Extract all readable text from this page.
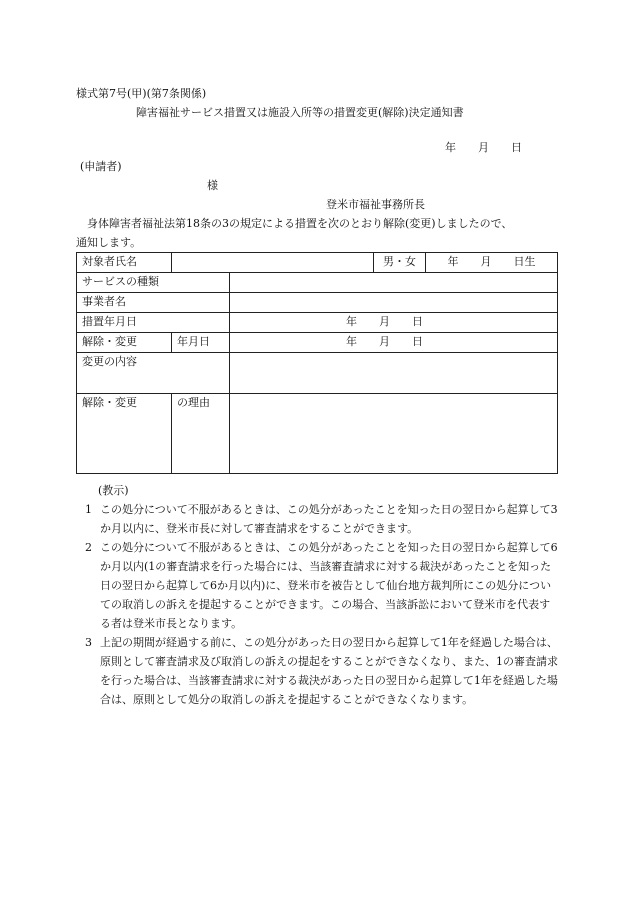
様式第7号(甲)(第7条関係)
障害福祉サービス措置又は施設入所等の措置変更(解除)決定通知書
年　　月　　日
(申請者)
様
登米市福祉事務所長
身体障害者福祉法第18条の3の規定による措置を次のとおり解除(変更)しましたので、
通知します。
対象者氏名			男・女	年　　月　　日生
サービスの種類				
事業者名				
措置年月日		年　　月　　日		
解除・変更	年月日	年　　月　　日		
変更の内容				
解除・変更	の理由			
(教示)
1 この処分について不服があるときは、この処分があったことを知った日の翌日から起算して3か月以内に、登米市長に対して審査請求をすることができます。
2 この処分について不服があるときは、この処分があったことを知った日の翌日から起算して6か月以内(1の審査請求を行った場合には、当該審査請求に対する裁決があったことを知った日の翌日から起算して6か月以内)に、登米市を被告として仙台地方裁判所にこの処分についての取消しの訴えを提起することができます。この場合、当該訴訟において登米市を代表する者は登米市長となります。
3 上記の期間が経過する前に、この処分があった日の翌日から起算して1年を経過した場合は、原則として審査請求及び取消しの訴えの提起をすることができなくなり、また、1の審査請求を行った場合は、当該審査請求に対する裁決があった日の翌日から起算して1年を経過した場合は、原則として処分の取消しの訴えを提起することができなくなります。
